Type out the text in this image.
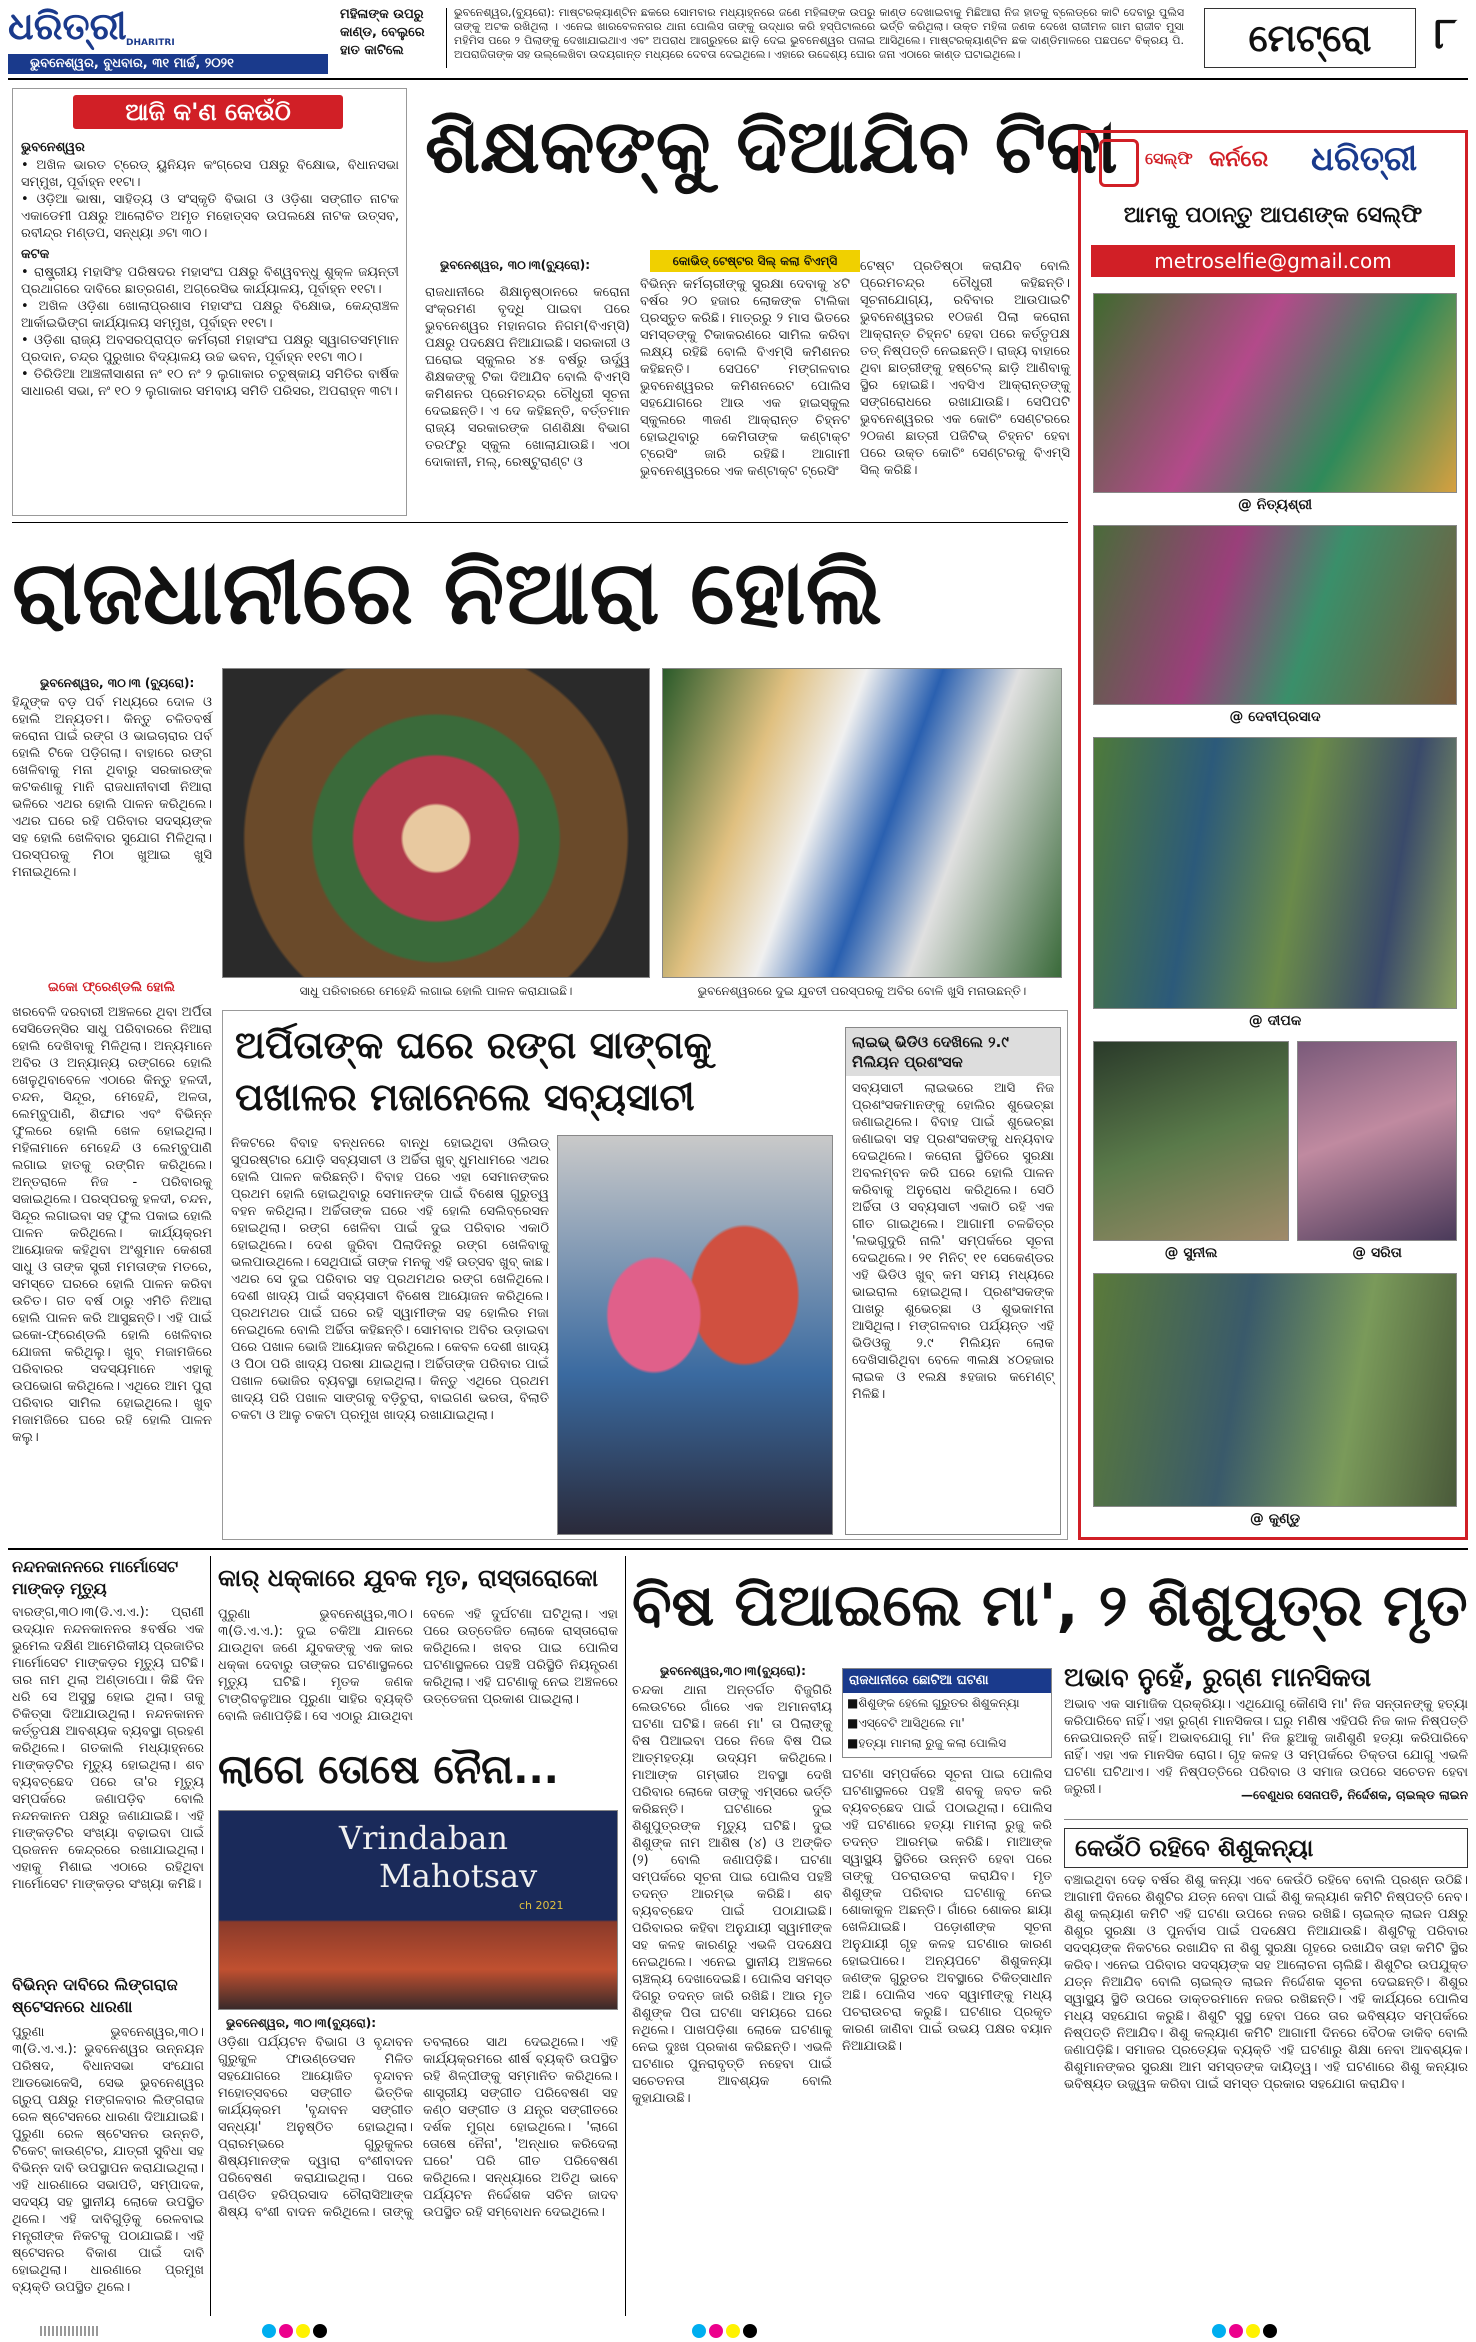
ଧରିତ୍ରୀ DHARITRI
ଭୁବନେଶ୍ୱର, ବୁଧବାର, ୩୧ ମାର୍ଚ୍ଚ, ୨୦୨୧
ମହିଳାଙ୍କ ଉପରୁ କାଣ୍ଡ, ବେଲୁରେ ହାତ କାଟିଲେ
ଭୁବନେଶ୍ୱର,(ବ୍ୟୁରୋ): ମାଷ୍ଟରକ୍ୟାଣ୍ଟିନ ଛକରେ ସୋମବାର ମଧ୍ୟାହ୍ନରେ ଜଣେ ମହିଳାଙ୍କ ଉପରୁ କାଣ୍ଡ ଦେଖାଇବାକୁ ମିଛିଆରା ନିଜ ହାତକୁ ବ୍ଲେଡ୍‌ରେ କାଟି ଦେବାରୁ ପୁଲିସ ତାଙ୍କୁ ଅଟକ ରଖିଥିଲା । ଏନେଇ ଖାରବେଳନଗର ଥାନା ପୋଲିସ ତାଙ୍କୁ ଉଦ୍ଧାର କରି ହସ୍ପିଟାଲରେ ଭର୍ତ୍ତି କରିଥିଲା। ଉକ୍ତ ମହିଳା ଜଣକ ଦେଖେ ରାଜୀମଳ ଗାମ ରାଜୀବ ମୁସା ମହିମିସ ପରେ ୨ ପିଲାଙ୍କୁ ଦେଖାଯାଇଥାଏ ଏବଂ ଅପରାଧ ଆଗ୍ରୁହରେ ଛାଡ଼ି ଦେଇ ଭୁବନେଶ୍ୱର ପଳାଇ ଆସିଥିଲେ। ମାଷ୍ଟରକ୍ୟାଣ୍ଟିନ ଛକ ଦାଣ୍ଡିମାଳରେ ପଛପଟେ ବିକ୍ରୟ ପି. ଅପରାଜିତାଙ୍କ ସହ ଉଲ୍ଲେଖିବା ଉଦୟଗାନ୍ତ ମଧ୍ୟରେ ଦେବତା ଦେଇଥିଲେ। ଏହାରେ ଉଦ୍ଦେଶ୍ୟ ଘୋର ଜନା ଏଠାରେ କାଣ୍ଡ ଘଟାଇଥିଲେ।	ମେଟ୍ରୋ	୮
ଆଜି କ'ଣ କେଉଁଠି
ଭୁବନେଶ୍ୱର
• ଅଖିଳ ଭାରତ ଟ୍ରେଡ୍ ୟୁନିୟନ କଂଗ୍ରେସ ପକ୍ଷରୁ ବିକ୍ଷୋଭ, ବିଧାନସଭା ସମ୍ମୁଖ, ପୂର୍ବାହ୍ନ ୧୧ଟା।
• ଓଡ଼ିଆ ଭାଷା, ସାହିତ୍ୟ ଓ ସଂସ୍କୃତି ବିଭାଗ ଓ ଓଡ଼ିଶା ସଙ୍ଗୀତ ନାଟକ ଏକାଡେମୀ ପକ୍ଷରୁ ଆଲୋଚିତ ଅମୃତ ମହୋତ୍ସବ ଉପଲକ୍ଷେ ନାଟକ ଉତ୍ସବ, ରବୀନ୍ଦ୍ର ମଣ୍ଡପ, ସନ୍ଧ୍ୟା ୬ଟା ୩୦।
କଟକ
• ରାଷ୍ଟ୍ରୀୟ ମହାସିଂହ ପରିଷଦର ମହାସଂଘ ପକ୍ଷରୁ ବିଶ୍ୱବନ୍ଧୁ ଶୁକ୍ଳ ଜୟନ୍ତୀ ପ୍ରଥାଗରେ ଦାବିରେ ଛାତ୍ରଗଣ, ଅଗ୍ରେସିଭ କାର୍ଯ୍ୟାଳୟ, ପୂର୍ବାହ୍ନ ୧୧ଟା।
• ଅଖିଳ ଓଡ଼ିଶା ଖୋଲାପ୍ରଶାସ ମହାସଂଘ ପକ୍ଷରୁ ବିକ୍ଷୋଭ, କେନ୍ଦ୍ରାଞ୍ଚଳ ଆର୍କାଇଭିଙ୍ଗ କାର୍ଯ୍ୟାଳୟ ସମ୍ମୁଖ, ପୂର୍ବାହ୍ନ ୧୧ଟା।
• ଓଡ଼ିଶା ରାଜ୍ୟ ଅବସରପ୍ରାପ୍ତ କର୍ମଚାରୀ ମହାସଂଘ ପକ୍ଷରୁ ସ୍ୱାଗତସମ୍ମାନ ପ୍ରଦାନ, ଚନ୍ଦ୍ର ପୁରୁଖାର ବିଦ୍ୟାଳୟ ଉଚ୍ଚ ଭବନ, ପୂର୍ବାହ୍ନ ୧୧ଟା ୩୦।
• ତିରିଡିଆ ଆଞ୍ଚଳୀସାଶନା ନଂ ୧୦ ନଂ ୨ ଲୁଗାକାର ଚତୁଷ୍କାୟ ସମିତିର ବାର୍ଷିକ ସାଧାରଣ ସଭା, ନଂ ୧୦ ୨ ଲୁଗାକାର ସମବାୟ ସମିତି ପରିସର, ଅପରାହ୍ନ ୩ଟା।
ଶିକ୍ଷକଙ୍କୁ ଦିଆଯିବ ଟିକା
ଭୁବନେଶ୍ୱର, ୩୦।୩(ବ୍ୟୁରୋ):	କୋଭିଡ୍ ଟେଷ୍ଟର ସିଲ୍ କଲା ବିଏମ୍‌ସି
ରାଜଧାନୀରେ ଶିକ୍ଷାନୁଷ୍ଠାନରେ କରୋନା ସଂକ୍ରମଣ ବୃଦ୍ଧି ପାଇବା ପରେ ଭୁବନେଶ୍ୱର ମହାନଗର ନିଗମ(ବିଏମ୍‌ସି) ପକ୍ଷରୁ ପଦକ୍ଷେପ ନିଆଯାଇଛି। ସରକାରୀ ଓ ଘରୋଇ ସ୍କୁଲର ୪୫ ବର୍ଷରୁ ଊର୍ଦ୍ଧ୍ୱ ଶିକ୍ଷକଙ୍କୁ ଟିକା ଦିଆଯିବ ବୋଲି ବିଏମ୍‌ସି କମିଶନର ପ୍ରେମଚନ୍ଦ୍ର ଚୌଧୁରୀ ସୂଚନା ଦେଇଛନ୍ତି। ଏ ଦେ କହିଛନ୍ତି, ବର୍ତ୍ତମାନ ରାଜ୍ୟ ସରକାରଙ୍କ ଗଣଶିକ୍ଷା ବିଭାଗ ତରଫରୁ ସ୍କୁଲ ଖୋଲାଯାଉଛି। ଏଠା ଦୋକାନୀ, ମଲ୍, ରେଷ୍ଟୁରାଣ୍ଟ ଓ
ବିଭିନ୍ନ କର୍ମଚାରୀଙ୍କୁ ସୁରକ୍ଷା ଦେବାକୁ ୪ଟି ବର୍ଷର ୨୦ ହଜାର ଲୋକଙ୍କ ଟାଲିକା ପ୍ରସ୍ତୁତ କରିଛି। ମାତ୍ରରୁ ୨ ମାସ ଭିତରେ ସମସ୍ତଙ୍କୁ ଟିକାକରଣରେ ସାମିଲ କରିବା ଲକ୍ଷ୍ୟ ରହିଛି ବୋଲି ବିଏମ୍‌ସି କମିଶନର କହିଛନ୍ତି। ସେପଟେ ମଙ୍ଗଳବାର ଭୁବନେଶ୍ୱରର କମିଶନରେଟ ପୋଲିସ ସହଯୋଗରେ ଆଉ ଏକ ହାଇସ୍କୁଲ ସ୍କୁଲରେ ୩ଜଣ ଆକ୍ରାନ୍ତ ଚିହ୍ନଟ ହୋଇଥିବାରୁ କେମିତାଙ୍କ କଣ୍ଟାକ୍ଟ ଟ୍ରେସିଂ ଜାରି ରହିଛି। ଆଗାମୀ ଭୁବନେଶ୍ୱରରେ ଏକ କଣ୍ଟାକ୍ଟ ଟ୍ରେସିଂ
ଟେଷ୍ଟ ପ୍ରତିଷ୍ଠା କରାଯିବ ବୋଲି ପ୍ରେମଚନ୍ଦ୍ର ଚୌଧୁରୀ କହିଛନ୍ତି। ସୂଚନାଯୋଗ୍ୟ, ରବିବାର ଆଉପାଇଟି ଭୁବନେଶ୍ୱରର ୧୦ଜଣ ପିଲା କରୋନା ଆକ୍ରାନ୍ତ ଚିହ୍ନଟ ହେବା ପରେ କର୍ତ୍ତୃପକ୍ଷ ତତ୍ ନିଷ୍ପତ୍ତି ନେଇଛନ୍ତି। ରାଜ୍ୟ ବାହାରେ ଥିବା ଛାତ୍ରୀଙ୍କୁ ହଷ୍ଟେଲ୍ ଛାଡ଼ି ଆଣିବାକୁ ସ୍ଥିର ହୋଇଛି। ଏବସିଏ ଆକ୍ରାନ୍ତଙ୍କୁ ସଙ୍ଗରୋଧରେ ରଖାଯାଉଛି। ସେପିପଟି ଭୁବନେଶ୍ୱରର ଏକ କୋଚିଂ ସେଣ୍ଟରରେ ୨୦ଜଣ ଛାତ୍ରୀ ପଜିଟିଭ୍ ଚିହ୍ନଟ ହେବା ପରେ ଉକ୍ତ କୋଚିଂ ସେଣ୍ଟରକୁ ବିଏମ୍‌ସି ସିଲ୍ କରିଛି।
ସେଲ୍ଫି କର୍ନରେ ଧରିତ୍ରୀ
ଆମକୁ ପଠାନ୍ତୁ ଆପଣଙ୍କ ସେଲ୍ଫି
metroselfie@gmail.com
@ ନିତ୍ୟଶ୍ରୀ
@ ଦେବୀପ୍ରସାଦ
@ ଦୀପକ
@ ସୁନୀଲ	@ ସରିତା
@ କୁଣ୍ଡୁ
ରାଜଧାନୀରେ ନିଆରା ହୋଲି
ଭୁବନେଶ୍ୱର, ୩୦।୩ (ବ୍ୟୁରୋ):
ହିନ୍ଦୁଙ୍କ ବଡ଼ ପର୍ବ ମଧ୍ୟରେ ଦୋଳ ଓ ହୋଲି ଅନ୍ୟତମ। କିନ୍ତୁ ଚଳିତବର୍ଷ କରୋନା ପାଇଁ ରଙ୍ଗ ଓ ଭାଇଚାରାର ପର୍ବ ହୋଲି ଟିକେ ପଡ଼ିଗଲା। ବାହାରେ ରଙ୍ଗ ଖେଳିବାକୁ ମନା ଥିବାରୁ ସରକାରଙ୍କ କଟକଣାକୁ ମାନି ରାଜଧାନୀବାସୀ ନିଆରା ଭଳିରେ ଏଥର ହୋଲି ପାଳନ କରିଥିଲେ। ଏଥର ଘରେ ରହି ପରିବାର ସଦସ୍ୟଙ୍କ ସହ ହୋଲି ଖେଳିବାର ସୁଯୋଗ ମିଳିଥିଲା। ପରସ୍ପରକୁ ମିଠା ଖୁଆଇ ଖୁସି ମନାଇଥିଲେ।
ଇକୋ ଫ୍ରେଣ୍ଡଲି ହୋଲି
ଖରବେଳି ଦରବାରୀ ଅଞ୍ଚଳରେ ଥିବା ଅର୍ପିତା ସେସିଡେନ୍ସିର ସାଧୁ ପରିବାରରେ ନିଆରା ହୋଲି ଦେଖିବାକୁ ମିଳିଥିଲା। ଅନ୍ୟମାନେ ଅବିର ଓ ଅନ୍ୟାନ୍ୟ ରଙ୍ଗରେ ହୋଲି ଖେଳୁଥିବାବେଳେ ଏଠାରେ କିନ୍ତୁ ହଳଦୀ, ଚନ୍ଦନ, ସିନ୍ଦୂର, ମେହେନ୍ଦି, ଅଳତା, ଲେମ୍ବୁପାଣି, ଶିଙ୍ଘାର ଏବଂ ବିଭିନ୍ନ ଫୁଲରେ ହୋଲି ଖେଳ ହୋଇଥିଲା। ମହିଳାମାନେ ମେହେନ୍ଦି ଓ ଲେମ୍ବୁପାଣି ଲଗାଇ ହାତକୁ ରଙ୍ଗିନ କରିଥିଲେ। ଅନ୍ତରାଳେ ନିଜ - ପରିବାରକୁ ସଜାଇଥିଲେ। ପରସ୍ପରକୁ ହଳଦୀ, ଚନ୍ଦନ, ସିନ୍ଦୂର ଲଗାଇବା ସହ ଫୁଲ ପକାଇ ହୋଲି ପାଳନ କରିଥିଲେ। କାର୍ଯ୍ୟକ୍ରମ ଆୟୋଜକ କହିଥିବା ଅଂଶୁମାନ କେଶରୀ ସାଧୁ ଓ ତାଙ୍କ ସ୍ତ୍ରୀ ମମତାଙ୍କ ମତରେ, ସମସ୍ତେ ଘରରେ ହୋଲି ପାଳନ କରିବା ଉଚିତ। ଗତ ବର୍ଷ ଠାରୁ ଏମିତି ନିଆରା ହୋଲି ପାଳନ କରି ଆସୁଛନ୍ତି। ଏହି ପାଇଁ ଇକୋ-ଫ୍ରେଣ୍ଡଲି ହୋଲି ଖେଳିବାର ଯୋଜନା କରିଥିଲୁ। ଖୁବ୍ ମଜାମଜିରେ ପରିବାରର ସଦସ୍ୟମାନେ ଏହାକୁ ଉପଭୋଗ କରିଥିଲେ। ଏଥିରେ ଆମ ପୁରା ପରିବାର ସାମିଲ ହୋଇଥିଲେ। ଖୁବ ମଜାମଜିରେ ଘରେ ରହି ହୋଲି ପାଳନ କଲୁ।
ସାଧୁ ପରିବାରରେ ମେହେନ୍ଦି ଲଗାଇ ହୋଲି ପାଳନ କରାଯାଇଛି।	ଭୁବନେଶ୍ୱରରେ ଦୁଇ ଯୁବତୀ ପରସ୍ପରକୁ ଅବିର ବୋଳି ଖୁସି ମନାଉଛନ୍ତି।
ଅର୍ପିତାଙ୍କ ଘରେ ରଙ୍ଗ ସାଙ୍ଗକୁ
ପଖାଳର ମଜାନେଲେ ସବ୍ୟସାଚୀ
ନିକଟରେ ବିବାହ ବନ୍ଧନରେ ବାନ୍ଧି ହୋଇଥିବା ଓଲିଉଡ୍ ସୁପରଷ୍ଟାର ଯୋଡ଼ି ସବ୍ୟସାଚୀ ଓ ଅର୍ଚ୍ଚିତା ଖୁବ୍ ଧୁମଧାମରେ ଏଥର ହୋଲି ପାଳନ କରିଛନ୍ତି। ବିବାହ ପରେ ଏହା ସେମାନଙ୍କର ପ୍ରଥମ ହୋଲି ହୋଇଥିବାରୁ ସେମାନଙ୍କ ପାଇଁ ବିଶେଷ ଗୁରୁତ୍ୱ ବହନ କରିଥିଲା। ଅର୍ଚ୍ଚିତାଙ୍କ ଘରେ ଏହି ହୋଲି ସେଲିବ୍ରେସନ ହୋଇଥିଲା। ରଙ୍ଗ ଖେଳିବା ପାଇଁ ଦୁଇ ପରିବାର ଏକାଠି ହୋଇଥିଲେ। ଦେଶ ଜୁରିବା ପିଲାଦିନରୁ ରଙ୍ଗ ଖେଳିବାକୁ ଭଲପାଉଥିଲେ। ସେଥିପାଇଁ ତାଙ୍କ ମନକୁ ଏହି ଉତ୍ସବ ଖୁବ୍ କାଛ। ଏଥର ସେ ଦୁଇ ପରିବାର ସହ ପ୍ରଥମଥର ରଙ୍ଗ ଖେଳିଥିଲେ। ଦେଶୀ ଖାଦ୍ୟ ପାଇଁ ସବ୍ୟସାଚୀ ବିଶେଷ ଆୟୋଜନ କରିଥିଲେ। ପ୍ରଥମଥର ପାଇଁ ଘରେ ରହି ସ୍ୱାମୀଙ୍କ ସହ ହୋଲିର ମଜା ନେଇଥିଲେ ବୋଲି ଅର୍ଚ୍ଚିତା କହିଛନ୍ତି। ସୋମବାର ଅବିର ଉଡ଼ାଇବା ପରେ ପଖାଳ ଭୋଜି ଆୟୋଜନ କରିଥିଲେ। କେବଳ ଦେଶୀ ଖାଦ୍ୟ ଓ ପିଠା ପରି ଖାଦ୍ୟ ପରଷା ଯାଇଥିଲା। ଅର୍ଚ୍ଚିତାଙ୍କ ପରିବାର ପାଇଁ ପଖାଳ ଭୋଜିର ବ୍ୟବସ୍ଥା ହୋଇଥିଲା। କିନ୍ତୁ ଏଥିରେ ପ୍ରଥମ ଖାଦ୍ୟ ପରି ପଖାଳ ସାଙ୍ଗକୁ ବଡ଼ିଚୁରା, ବାଇଗଣ ଭରତା, ବିଲାତି ଚକଟା ଓ ଆଳୁ ଚକଟା ପ୍ରମୁଖ ଖାଦ୍ୟ ରଖାଯାଇଥିଲା।
ଲାଇଭ୍ ଭିଡିଓ ଦେଖିଲେ ୨.୯ ମିଲିୟନ ପ୍ରଶଂସକ
ସବ୍ୟସାଚୀ ଲାଇଭରେ ଆସି ନିଜ ପ୍ରଶଂସକମାନଙ୍କୁ ହୋଲିର ଶୁଭେଚ୍ଛା ଜଣାଇଥିଲେ। ବିବାହ ପାଇଁ ଶୁଭେଚ୍ଛା ଜଣାଇବା ସହ ପ୍ରଶଂସକଙ୍କୁ ଧନ୍ୟବାଦ ଦେଇଥିଲେ। କରୋନା ସ୍ଥିତିରେ ସୁରକ୍ଷା ଅବଲମ୍ବନ କରି ଘରେ ହୋଲି ପାଳନ କରିବାକୁ ଅନୁରୋଧ କରିଥିଲେ। ସେଠି ଅର୍ଚ୍ଚିତା ଓ ସବ୍ୟସାଚୀ ଏକାଠି ରହି ଏକ ଗୀତ ଗାଇଥିଲେ। ଆଗାମୀ ଚଳଚ୍ଚିତ୍ର 'ଲଭଗୁଦୁରି ନାଲି' ସମ୍ପର୍କରେ ସୂଚନା ଦେଇଥିଲେ। ୨୧ ମିନିଟ୍ ୧୧ ସେକେଣ୍ଡର ଏହି ଭିଡିଓ ଖୁବ୍ କମ ସମୟ ମଧ୍ୟରେ ଭାଇରାଲ ହୋଇଥିଲା। ପ୍ରଶଂସକଙ୍କ ପାଖରୁ ଶୁଭେଚ୍ଛା ଓ ଶୁଭକାମନା ଆସିଥିଲା। ମଙ୍ଗଳବାର ପର୍ଯ୍ୟନ୍ତ ଏହି ଭିଡିଓକୁ ୨.୯ ମିଲିୟନ ଲୋକ ଦେଖିସାରିଥିବା ବେଳେ ୩ଲକ୍ଷ ୪୦ହଜାର ଲାଇକ ଓ ୧ଲକ୍ଷ ୫ହଜାର କମେଣ୍ଟ୍ ମିଳିଛି।
ନନ୍ଦନକାନନରେ ମାର୍ମୋସେଟ ମାଙ୍କଡ଼ ମୃତ୍ୟୁ
ବାରଙ୍ଗ,୩୦।୩(ଡି.ଏ.ଏ.): ପ୍ରାଣୀ ଉଦ୍ୟାନ ନନ୍ଦନକାନନର ୫ବର୍ଷର ଏକ ଭୁମେଲ ଦକ୍ଷିଣ ଆମେରିକୀୟ ପ୍ରଜାତିର ମାର୍ମୋସେଟ ମାଙ୍କଡ଼ର ମୃତ୍ୟୁ ଘଟିଛି। ତାର ନାମ ଥିଲା ଅଣ୍ଡାପୋ। କିଛି ଦିନ ଧରି ସେ ଅସୁସ୍ଥ ହୋଇ ଥିଲା। ତାକୁ ଚିକିତ୍ସା ଦିଆଯାଉଥିଲା। ନନ୍ଦନକାନନ କର୍ତ୍ତୃପକ୍ଷ ଆବଶ୍ୟକ ବ୍ୟବସ୍ଥା ଗ୍ରହଣ କରିଥିଲେ। ଗତକାଲି ମଧ୍ୟାହ୍ନରେ ମାଙ୍କଡ଼ଟିର ମୃତ୍ୟୁ ହୋଇଥିଲା। ଶବ ବ୍ୟବଚ୍ଛେଦ ପରେ ତା'ର ମୃତ୍ୟୁ ସମ୍ପର୍କରେ ଜଣାପଡ଼ିବ ବୋଲି ନନ୍ଦନକାନନ ପକ୍ଷରୁ ଜଣାଯାଇଛି। ଏହି ମାଙ୍କଡ଼ଟିର ସଂଖ୍ୟା ବଢ଼ାଇବା ପାଇଁ ପ୍ରଜନନ କେନ୍ଦ୍ରରେ ରଖାଯାଇଥିଲା। ଏହାକୁ ମିଶାଇ ଏଠାରେ ରହିଥିବା ମାର୍ମୋସେଟ ମାଙ୍କଡ଼ର ସଂଖ୍ୟା କମିଛି।
ବିଭିନ୍ନ ଦାବିରେ ଲିଙ୍ଗରାଜ ଷ୍ଟେସନରେ ଧାରଣା
ପୁରୁଣା ଭୁବନେଶ୍ୱର,୩୦।୩(ଡି.ଏ.ଏ.): ଭୁବନେଶ୍ୱର ଉନ୍ନୟନ ପରିଷଦ, ବିଧାନସଭା ସଂଯୋଗ ଆଡଭୋକେସି, ସେଭ ଭୁବନେଶ୍ୱର ଗ୍ରୁପ୍ ପକ୍ଷରୁ ମଙ୍ଗଳବାର ଲିଙ୍ଗରାଜ ରେଳ ଷ୍ଟେସନରେ ଧାରଣା ଦିଆଯାଇଛି। ପୁରୁଣା ରେଳ ଷ୍ଟେସନର ଉନ୍ନତି, ଟିକେଟ୍ କାଉଣ୍ଟର, ଯାତ୍ରୀ ସୁବିଧା ସହ ବିଭିନ୍ନ ଦାବି ଉପସ୍ଥାପନ କରାଯାଇଥିଲା। ଏହି ଧାରଣାରେ ସଭାପତି, ସମ୍ପାଦକ, ସଦସ୍ୟ ସହ ସ୍ଥାନୀୟ ଲୋକେ ଉପସ୍ଥିତ ଥିଲେ। ଏହି ଦାବିଗୁଡ଼ିକୁ ରେଳବାଇ ମନ୍ତ୍ରୀଙ୍କ ନିକଟକୁ ପଠାଯାଇଛି। ଏହି ଷ୍ଟେସନର ବିକାଶ ପାଇଁ ଦାବି ହୋଇଥିଲା। ଧାରଣାରେ ପ୍ରମୁଖ ବ୍ୟକ୍ତି ଉପସ୍ଥିତ ଥିଲେ।
କାର୍ ଧକ୍କାରେ ଯୁବକ ମୃତ, ରାସ୍ତାରୋକୋ
ପୁରୁଣା ଭୁବନେଶ୍ୱର,୩୦।୩(ଡି.ଏ.ଏ.): ଦୁଇ ଚକିଆ ଯାନରେ ଯାଉଥିବା ଜଣେ ଯୁବକଙ୍କୁ ଏକ କାର ଧକ୍କା ଦେବାରୁ ତାଙ୍କର ଘଟଣାସ୍ଥଳରେ ମୃତ୍ୟୁ ଘଟିଛି। ମୃତକ ଜଣକ ଟାଙ୍ଗିବଳୁଆର ପୂରୁଣା ସାହିର ବ୍ୟକ୍ତି ବୋଲି ଜଣାପଡ଼ିଛି। ସେ ଏଠାରୁ ଯାଉଥିବା ବେଳେ ଏହି ଦୁର୍ଘଟଣା ଘଟିଥିଲା। ଏହା ପରେ ଉତ୍ତେଜିତ ଲୋକେ ରାସ୍ତାରୋକ କରିଥିଲେ। ଖବର ପାଇ ପୋଲିସ ଘଟଣାସ୍ଥଳରେ ପହଞ୍ଚି ପରିସ୍ଥିତି ନିୟନ୍ତ୍ରଣ କରିଥିଲା। ଏହି ଘଟଣାକୁ ନେଇ ଅଞ୍ଚଳରେ ଉତ୍ତେଜନା ପ୍ରକାଶ ପାଇଥିଲା।
ଲାଗେ ତୋଷେ ନୈନା...
Vrindaban
Mahotsav
ch 2021
ଭୁବନେଶ୍ୱର, ୩୦।୩(ବ୍ୟୁରୋ):
ଓଡ଼ିଶା ପର୍ଯ୍ୟଟନ ବିଭାଗ ଓ ବୃନ୍ଦାବନ ଗୁରୁକୁଳ ଫାଉଣ୍ଡେସନ ମିଳିତ ସହଯୋଗରେ ଆୟୋଜିତ ବୃନ୍ଦାବନ ମହୋତ୍ସବରେ ସଙ୍ଗୀତ ଭିତ୍ତିକ କାର୍ଯ୍ୟକ୍ରମ 'ବୃନ୍ଦାବନ ସଙ୍ଗୀତ ସନ୍ଧ୍ୟା' ଅନୁଷ୍ଠିତ ହୋଇଥିଲା। ପ୍ରାରମ୍ଭରେ ଗୁରୁକୁଳର ଶିଷ୍ୟମାନଙ୍କ ଦ୍ୱାରା ବଂଶୀବାଦନ ପରିବେଷଣ କରାଯାଇଥିଲା। ପରେ ପଣ୍ଡିତ ହରିପ୍ରସାଦ ଚୌରାସିଆଙ୍କ ଶିଷ୍ୟ ବଂଶୀ ବାଦନ କରିଥିଲେ। ତାଙ୍କୁ ତବଲାରେ ସାଥ ଦେଇଥିଲେ। ଏହି କାର୍ଯ୍ୟକ୍ରମରେ ଶୀର୍ଷ ବ୍ୟକ୍ତି ଉପସ୍ଥିତ ରହି ଶିଳ୍ପୀଙ୍କୁ ସମ୍ମାନିତ କରିଥିଲେ। ଶାସ୍ତ୍ରୀୟ ସଙ୍ଗୀତ ପରିବେଷଣ ସହ କଣ୍ଠ ସଙ୍ଗୀତ ଓ ଯନ୍ତ୍ର ସଙ୍ଗୀତରେ ଦର୍ଶକ ମୁଗ୍ଧ ହୋଇଥିଲେ। 'ଲାଗେ ତୋଷେ ନୈନା', 'ଅନ୍ଧାର କରିଦେଲା ଘରେ' ପରି ଗୀତ ପରିବେଷଣ କରିଥିଲେ। ସନ୍ଧ୍ୟାରେ ଅତିଥି ଭାବେ ପର୍ଯ୍ୟଟନ ନିର୍ଦ୍ଦେଶକ ସଚିନ ଜାଦବ ଉପସ୍ଥିତ ରହି ସମ୍ବୋଧନ ଦେଇଥିଲେ।
ବିଷ ପିଆଇଲେ ମା', ୨ ଶିଶୁପୁତ୍ର ମୃତ
ଭୁବନେଶ୍ୱର,୩୦।୩(ବ୍ୟୁରୋ):
ଚନ୍ଦକା ଥାନା ଅନ୍ତର୍ଗତ ବିଜୁଗିରି ଲେଉଟରେ ଗାଁରେ ଏକ ଅମାନବୀୟ ଘଟଣା ଘଟିଛି। ଜଣେ ମା' ତା ପିଲାଙ୍କୁ ବିଷ ପିଆଇବା ପରେ ନିଜେ ବିଷ ପିଇ ଆତ୍ମହତ୍ୟା ଉଦ୍ୟମ କରିଥିଲେ। ମାଆଙ୍କ ଗମ୍ଭୀର ଅବସ୍ଥା ଦେଖି ପରିବାର ଲୋକେ ତାଙ୍କୁ ଏମ୍ସରେ ଭର୍ତ୍ତି କରିଛନ୍ତି। ଘଟଣାରେ ଦୁଇ ଶିଶୁପୁତ୍ରଙ୍କ ମୃତ୍ୟୁ ଘଟିଛି। ଦୁଇ ଶିଶୁଙ୍କ ନାମ ଆଶିଷ (୪) ଓ ଅଙ୍କିତ (୨) ବୋଲି ଜଣାପଡ଼ିଛି। ଘଟଣା ସମ୍ପର୍କରେ ସୂଚନା ପାଇ ପୋଲିସ ପହଞ୍ଚି ତଦନ୍ତ ଆରମ୍ଭ କରିଛି। ଶବ ବ୍ୟବଚ୍ଛେଦ ପାଇଁ ପଠାଯାଇଛି। ପରିବାରର କହିବା ଅନୁଯାୟୀ ସ୍ୱାମୀଙ୍କ ସହ କଳହ କାରଣରୁ ଏଭଳି ପଦକ୍ଷେପ ନେଇଥିଲେ। ଏନେଇ ସ୍ଥାନୀୟ ଅଞ୍ଚଳରେ ଚାଞ୍ଚଲ୍ୟ ଦେଖାଦେଇଛି। ପୋଲିସ ସମସ୍ତ ଦିଗରୁ ତଦନ୍ତ ଜାରି ରଖିଛି। ଆଉ ମୃତ ଶିଶୁଙ୍କ ପିତା ଘଟଣା ସମୟରେ ଘରେ ନଥିଲେ। ପାଖପଡ଼ିଶା ଲୋକେ ଘଟଣାକୁ ନେଇ ଦୁଃଖ ପ୍ରକାଶ କରିଛନ୍ତି। ଏଭଳି ଘଟଣାର ପୁନରାବୃତ୍ତି ନହେବା ପାଇଁ ସଚେତନତା ଆବଶ୍ୟକ ବୋଲି କୁହାଯାଉଛି।
ରାଜଧାନୀରେ ଛୋଟିଆ ଘଟଣା
■ଶିଶୁଙ୍କ ହେଲେ ଗୁରୁତର ଶିଶୁକନ୍ୟା
■ଏସ୍ବେଟି ଆସିଥିଲେ ମା'
■ହତ୍ୟା ମାମଲା ରୁଜୁ କଲା ପୋଲିସ
ଘଟଣା ସମ୍ପର୍କରେ ସୂଚନା ପାଇ ପୋଲିସ ଘଟଣାସ୍ଥଳରେ ପହଞ୍ଚି ଶବକୁ ଜବତ କରି ବ୍ୟବଚ୍ଛେଦ ପାଇଁ ପଠାଇଥିଲା। ପୋଲିସ ଏହି ଘଟଣାରେ ହତ୍ୟା ମାମଲା ରୁଜୁ କରି ତଦନ୍ତ ଆରମ୍ଭ କରିଛି। ମାଆଙ୍କ ସ୍ୱାସ୍ଥ୍ୟ ସ୍ଥିତିରେ ଉନ୍ନତି ହେବା ପରେ ତାଙ୍କୁ ପଚରାଉଚରା କରାଯିବ। ମୃତ ଶିଶୁଙ୍କ ପରିବାର ଘଟଣାକୁ ନେଇ ଶୋକାକୁଳ ଅଛନ୍ତି। ଗାଁରେ ଶୋକର ଛାୟା ଖେଳିଯାଇଛି। ପଡ଼ୋଶୀଙ୍କ ସୂଚନା ଅନୁଯାୟୀ ଗୃହ କଳହ ଘଟଣାର କାରଣ ହୋଇପାରେ। ଅନ୍ୟପଟେ ଶିଶୁକନ୍ୟା ଜଣଙ୍କ ଗୁରୁତର ଅବସ୍ଥାରେ ଚିକିତ୍ସାଧୀନ ଅଛି। ପୋଲିସ ଏବେ ସ୍ୱାମୀଙ୍କୁ ମଧ୍ୟ ପଚରାଉଚରା କରୁଛି। ଘଟଣାର ପ୍ରକୃତ କାରଣ ଜାଣିବା ପାଇଁ ଉଭୟ ପକ୍ଷର ବୟାନ ନିଆଯାଉଛି।
ଅଭାବ ନୁହେଁ, ରୁଗ୍ଣ ମାନସିକତା
ଅଭାବ ଏକ ସାମାଜିକ ପ୍ରକ୍ରିୟା। ଏଥିଯୋଗୁ କୌଣସି ମା' ନିଜ ସନ୍ତାନଙ୍କୁ ହତ୍ୟା କରିପାରିବେ ନାହିଁ। ଏହା ରୁଗ୍ଣ ମାନସିକତା। ଘରୁ ମଣିଷ ଏହିପରି ନିଜ କାଳ ନିଷ୍ପତ୍ତି ନେଇପାରନ୍ତି ନାହିଁ। ଅଭାବଯୋଗୁ ମା' ନିଜ ଛୁଆକୁ ଜାଣିଶୁଣି ହତ୍ୟା କରିପାରିବେ ନାହିଁ। ଏହା ଏକ ମାନସିକ ରୋଗ। ଗୃହ କଳହ ଓ ସମ୍ପର୍କରେ ତିକ୍ତତା ଯୋଗୁ ଏଭଳି ଘଟଣା ଘଟିଥାଏ। ଏହି ନିଷ୍ପତ୍ତିରେ ପରିବାର ଓ ସମାଜ ଉପରେ ସଚେତନ ହେବା ଜରୁରୀ।	—ବେଣୁଧର ସେନାପତି, ନିର୍ଦ୍ଦେଶକ, ଚାଇଲ୍ଡ ଲାଇନ
କେଉଁଠି ରହିବେ ଶିଶୁକନ୍ୟା
ବଞ୍ଚାଇଥିବା ଦେଢ଼ ବର୍ଷର ଶିଶୁ କନ୍ୟା ଏବେ କେଉଁଠି ରହିବେ ବୋଲି ପ୍ରଶ୍ନ ଉଠିଛି। ଆଗାମୀ ଦିନରେ ଶିଶୁଟିର ଯତ୍ନ ନେବା ପାଇଁ ଶିଶୁ କଲ୍ୟାଣ କମିଟି ନିଷ୍ପତ୍ତି ନେବ। ଶିଶୁ କଲ୍ୟାଣ କମିଟି ଏହି ଘଟଣା ଉପରେ ନଜର ରଖିଛି। ଚାଇଲ୍ଡ ଲାଇନ ପକ୍ଷରୁ ଶିଶୁର ସୁରକ୍ଷା ଓ ପୁନର୍ବାସ ପାଇଁ ପଦକ୍ଷେପ ନିଆଯାଉଛି। ଶିଶୁଟିକୁ ପରିବାର ସଦସ୍ୟଙ୍କ ନିକଟରେ ରଖାଯିବ ନା ଶିଶୁ ସୁରକ୍ଷା ଗୃହରେ ରଖାଯିବ ତାହା କମିଟି ସ୍ଥିର କରିବ। ଏନେଇ ପରିବାର ସଦସ୍ୟଙ୍କ ସହ ଆଲୋଚନା ଚାଲିଛି। ଶିଶୁଟିର ଉପଯୁକ୍ତ ଯତ୍ନ ନିଆଯିବ ବୋଲି ଚାଇଲ୍ଡ ଲାଇନ ନିର୍ଦ୍ଦେଶକ ସୂଚନା ଦେଇଛନ୍ତି। ଶିଶୁର ସ୍ୱାସ୍ଥ୍ୟ ସ୍ଥିତି ଉପରେ ଡାକ୍ତରମାନେ ନଜର ରଖିଛନ୍ତି। ଏହି କାର୍ଯ୍ୟରେ ପୋଲିସ ମଧ୍ୟ ସହଯୋଗ କରୁଛି। ଶିଶୁଟି ସୁସ୍ଥ ହେବା ପରେ ତାର ଭବିଷ୍ୟତ ସମ୍ପର୍କରେ ନିଷ୍ପତ୍ତି ନିଆଯିବ। ଶିଶୁ କଲ୍ୟାଣ କମିଟି ଆଗାମୀ ଦିନରେ ବୈଠକ ଡାକିବ ବୋଲି ଜଣାପଡ଼ିଛି। ସମାଜର ପ୍ରତ୍ୟେକ ବ୍ୟକ୍ତି ଏହି ଘଟଣାରୁ ଶିକ୍ଷା ନେବା ଆବଶ୍ୟକ। ଶିଶୁମାନଙ୍କର ସୁରକ୍ଷା ଆମ ସମସ୍ତଙ୍କ ଦାୟିତ୍ୱ। ଏହି ଘଟଣାରେ ଶିଶୁ କନ୍ୟାର ଭବିଷ୍ୟତ ଉଜ୍ଜ୍ୱଳ କରିବା ପାଇଁ ସମସ୍ତ ପ୍ରକାର ସହଯୋଗ କରାଯିବ।
